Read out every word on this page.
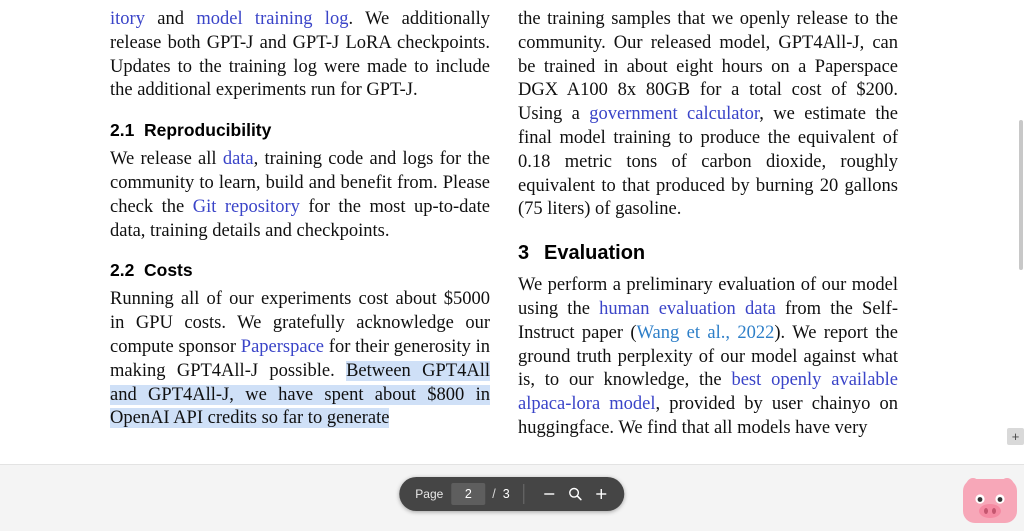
itory and model training log. We additionally release both GPT-J and GPT-J LoRA checkpoints. Updates to the training log were made to include the additional experiments run for GPT-J.

2.1 Reproducibility

We release all data, training code and logs for the community to learn, build and benefit from. Please check the Git repository for the most up-to-date data, training details and checkpoints.

2.2 Costs

Running all of our experiments cost about $5000 in GPU costs. We gratefully acknowledge our compute sponsor Paperspace for their generosity in making GPT4All-J possible. Between GPT4All and GPT4All-J, we have spent about $800 in OpenAI API credits so far to generate

the training samples that we openly release to the community. Our released model, GPT4All-J, can be trained in about eight hours on a Paperspace DGX A100 8x 80GB for a total cost of $200. Using a government calculator, we estimate the final model training to produce the equivalent of 0.18 metric tons of carbon dioxide, roughly equivalent to that produced by burning 20 gallons (75 liters) of gasoline.

3 Evaluation

We perform a preliminary evaluation of our model using the human evaluation data from the Self-Instruct paper (Wang et al., 2022). We report the ground truth perplexity of our model against what is, to our knowledge, the best openly available alpaca-lora model, provided by user chainyo on huggingface. We find that all models have very	+
Page
2	/ 3
